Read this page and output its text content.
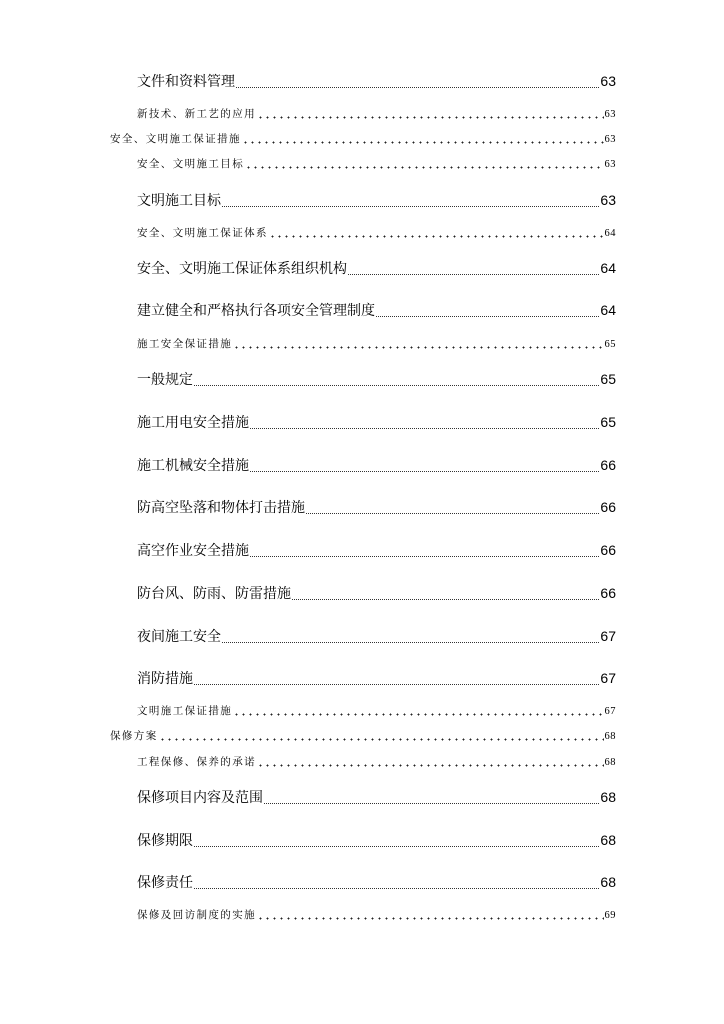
文件和资料管理	63
新技术、新工艺的应用	63
安全、文明施工保证措施	63
安全、文明施工目标	63
文明施工目标	63
安全、文明施工保证体系	64
安全、文明施工保证体系组织机构	64
建立健全和严格执行各项安全管理制度	64
施工安全保证措施	65
一般规定	65
施工用电安全措施	65
施工机械安全措施	66
防高空坠落和物体打击措施	66
高空作业安全措施	66
防台风、防雨、防雷措施	66
夜间施工安全	67
消防措施	67
文明施工保证措施	67
保修方案	68
工程保修、保养的承诺	68
保修项目内容及范围	68
保修期限	68
保修责任	68
保修及回访制度的实施	69
